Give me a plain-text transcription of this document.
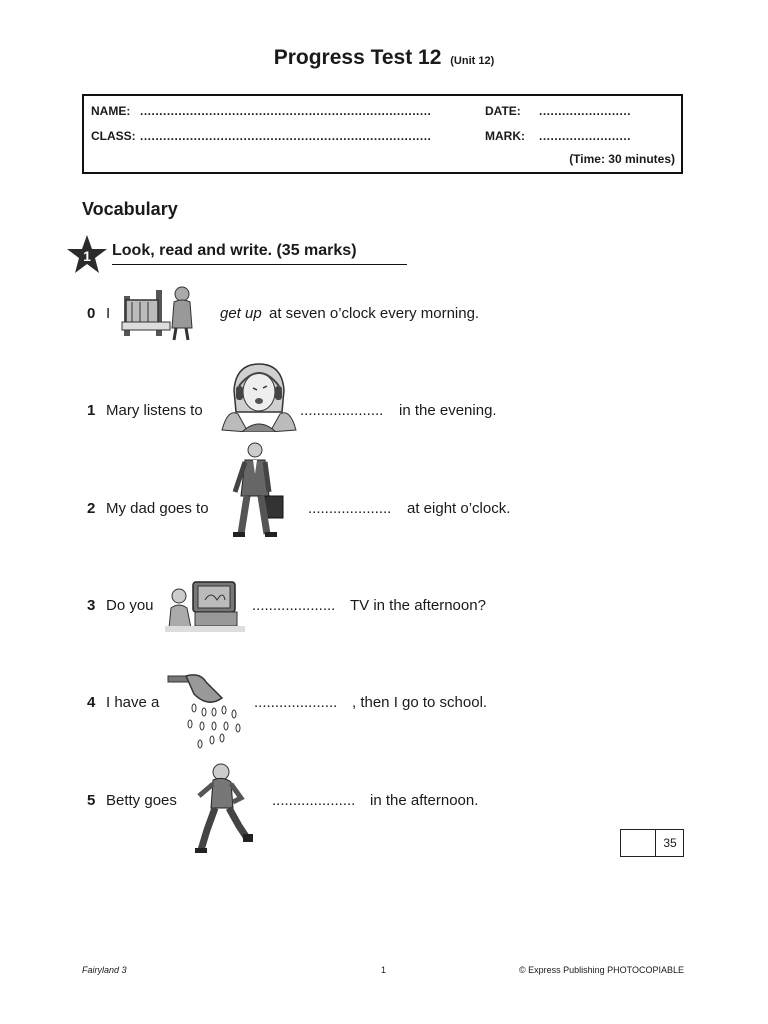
Progress Test 12 (Unit 12)
NAME: ............................................................................	DATE: ........................
CLASS: ............................................................................	MARK: ........................
(Time: 30 minutes)
Vocabulary
1 Look, read and write. (35 marks)
0 I	get up at seven o’clock every morning.
1 Mary listens to	.................... in the evening.
2 My dad goes to	.................... at eight o’clock.
3 Do you	.................... TV in the afternoon?
4 I have a	.................... , then I go to school.
5 Betty goes	.................... in the afternoon.
35
Fairyland 3	1	© Express Publishing PHOTOCOPIABLE
